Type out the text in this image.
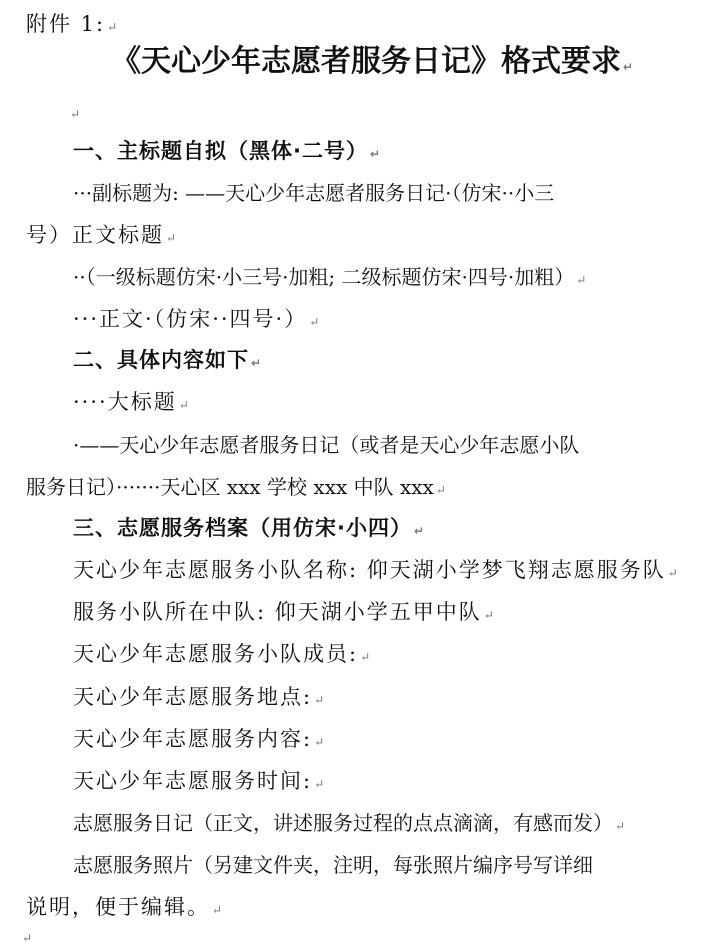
附件 1: ↵
《天心少年志愿者服务日记》格式要求 ↵
↵
一、主标题自拟（黑体·二号） ↵
···副标题为: ——天心少年志愿者服务日记·（仿宋··小三
号）正文标题 ↵
··（一级标题仿宋·小三号·加粗; 二级标题仿宋·四号·加粗） ↵
···正文·（仿宋··四号·） ↵
二、具体内容如下 ↵
····大标题 ↵
·——天心少年志愿者服务日记（或者是天心少年志愿小队
服务日记）·······天心区 xxx 学校 xxx 中队 xxx ↵
三、志愿服务档案（用仿宋·小四） ↵
天心少年志愿服务小队名称: 仰天湖小学梦飞翔志愿服务队 ↵
服务小队所在中队: 仰天湖小学五甲中队 ↵
天心少年志愿服务小队成员: ↵
天心少年志愿服务地点: ↵
天心少年志愿服务内容: ↵
天心少年志愿服务时间: ↵
志愿服务日记（正文，讲述服务过程的点点滴滴，有感而发） ↵
志愿服务照片（另建文件夹，注明，每张照片编序号写详细
说明，便于编辑。 ↵
↵
